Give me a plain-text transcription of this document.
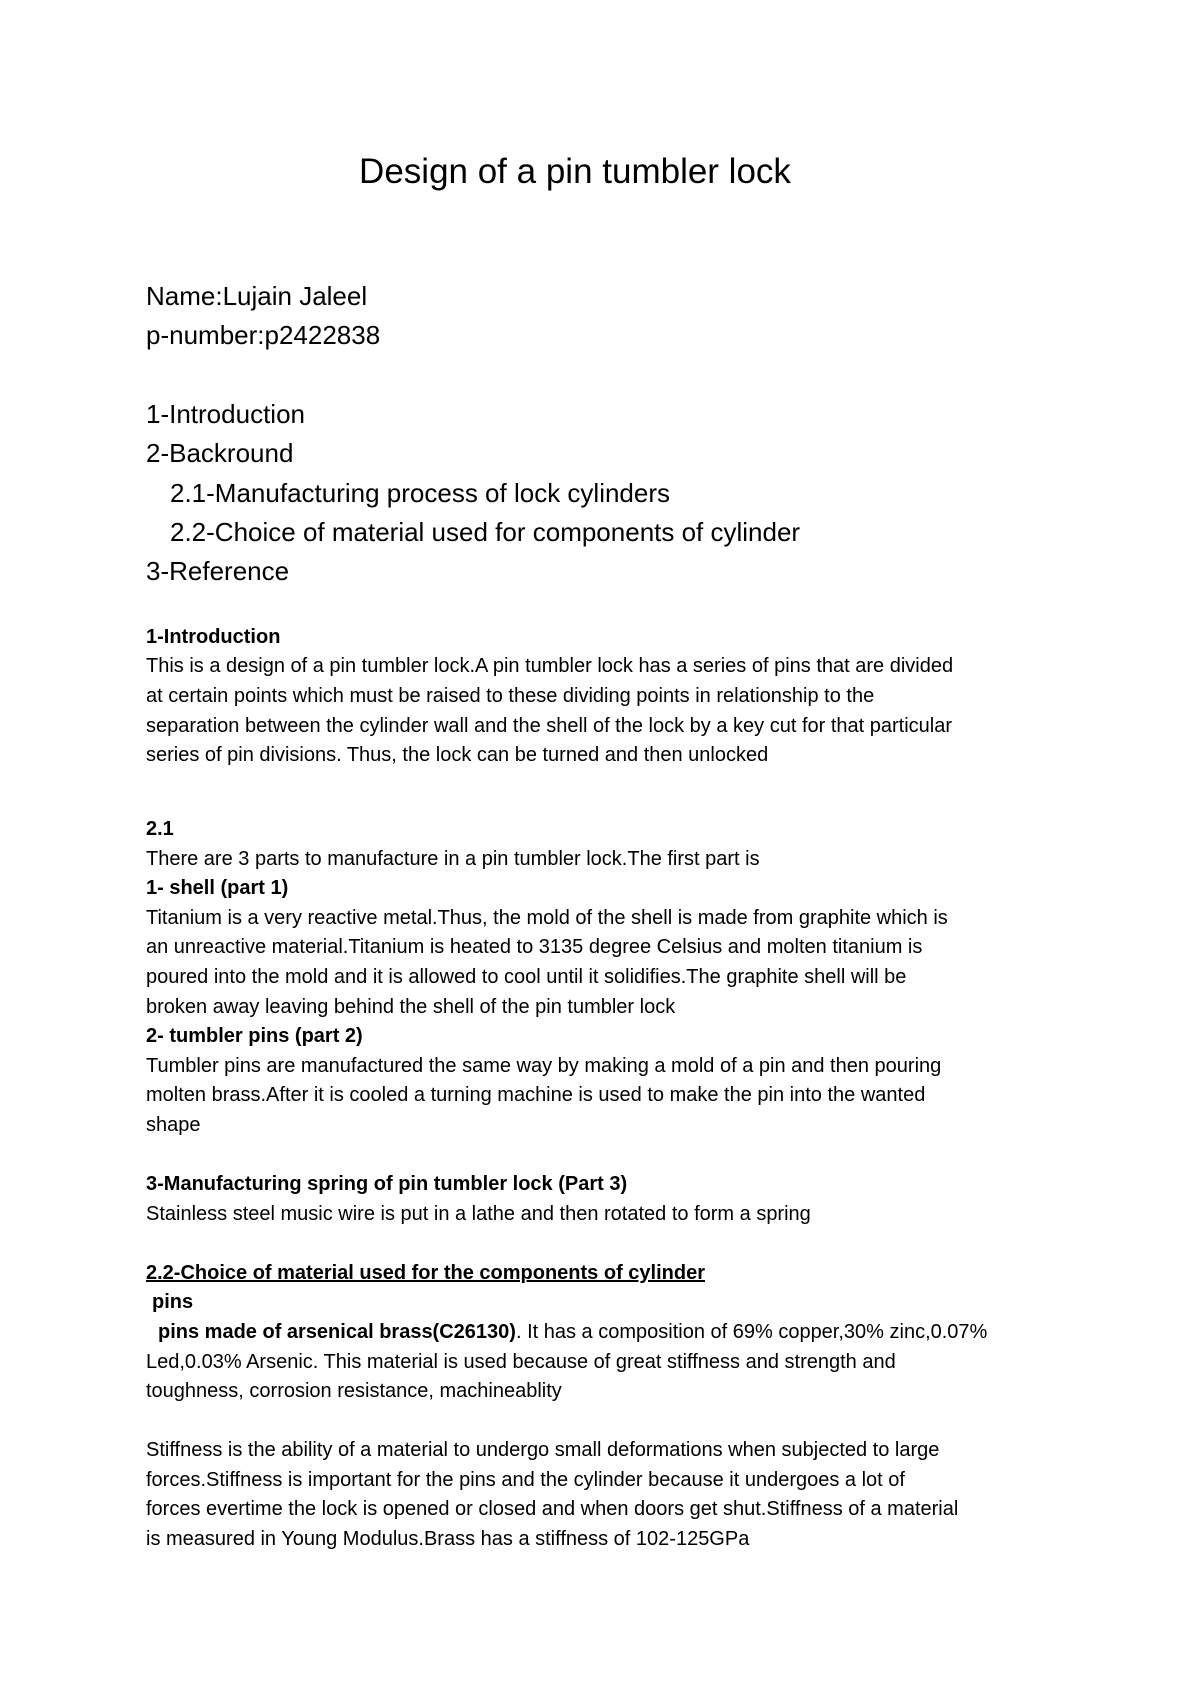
Design of a pin tumbler lock
Name:Lujain Jaleel
p-number:p2422838
1-Introduction
2-Backround
2.1-Manufacturing process of lock cylinders
2.2-Choice of material used for components of cylinder
3-Reference
1-Introduction
This is a design of a pin tumbler lock.A pin tumbler lock has a series of pins that are divided
at certain points which must be raised to these dividing points in relationship to the
separation between the cylinder wall and the shell of the lock by a key cut for that particular
series of pin divisions. Thus, the lock can be turned and then unlocked
2.1
There are 3 parts to manufacture in a pin tumbler lock.The first part is
1- shell (part 1)
Titanium is a very reactive metal.Thus, the mold of the shell is made from graphite which is
an unreactive material.Titanium is heated to 3135 degree Celsius and molten titanium is
poured into the mold and it is allowed to cool until it solidifies.The graphite shell will be
broken away leaving behind the shell of the pin tumbler lock
2- tumbler pins (part 2)
Tumbler pins are manufactured the same way by making a mold of a pin and then pouring
molten brass.After it is cooled a turning machine is used to make the pin into the wanted
shape
3-Manufacturing spring of pin tumbler lock (Part 3)
Stainless steel music wire is put in a lathe and then rotated to form a spring
2.2-Choice of material used for the components of cylinder
pins
pins made of arsenical brass(C26130). It has a composition of 69% copper,30% zinc,0.07%
Led,0.03% Arsenic. This material is used because of great stiffness and strength and
toughness, corrosion resistance, machineablity
Stiffness is the ability of a material to undergo small deformations when subjected to large
forces.Stiffness is important for the pins and the cylinder because it undergoes a lot of
forces evertime the lock is opened or closed and when doors get shut.Stiffness of a material
is measured in Young Modulus.Brass has a stiffness of 102-125GPa
